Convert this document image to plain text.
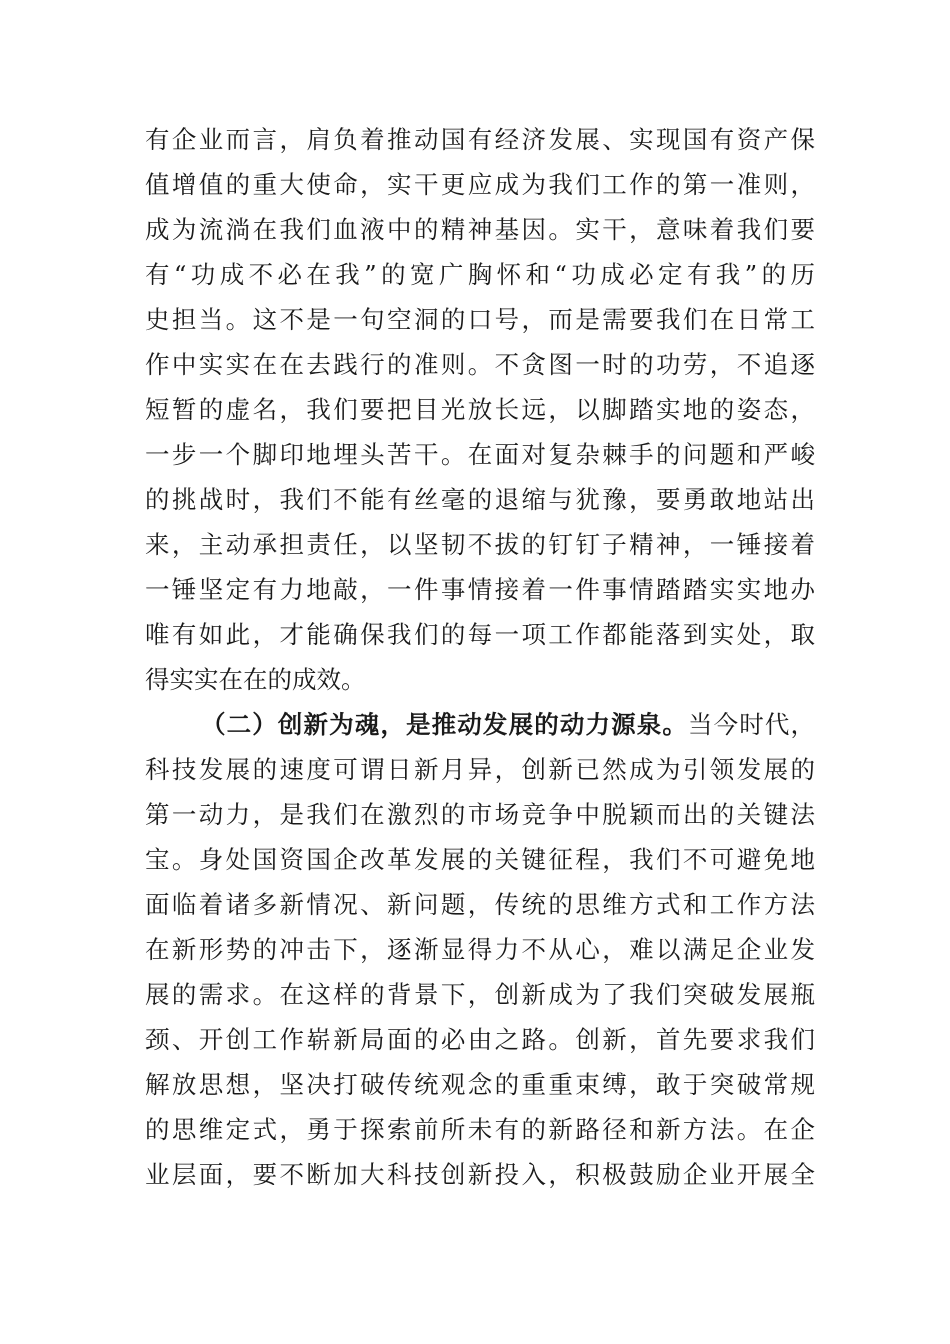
有企业而言，肩负着推动国有经济发展、实现国有资产保
值增值的重大使命，实干更应成为我们工作的第一准则，
成为流淌在我们血液中的精神基因。实干，意味着我们要
有“功成不必在我”的宽广胸怀和“功成必定有我”的历
史担当。这不是一句空洞的口号，而是需要我们在日常工
作中实实在在去践行的准则。不贪图一时的功劳，不追逐
短暂的虚名，我们要把目光放长远，以脚踏实地的姿态，
一步一个脚印地埋头苦干。在面对复杂棘手的问题和严峻
的挑战时，我们不能有丝毫的退缩与犹豫，要勇敢地站出
来，主动承担责任，以坚韧不拔的钉钉子精神，一锤接着
一锤坚定有力地敲，一件事情接着一件事情踏踏实实地办
唯有如此，才能确保我们的每一项工作都能落到实处，取
得实实在在的成效。
（二）创新为魂，是推动发展的动力源泉。当今时代，
科技发展的速度可谓日新月异，创新已然成为引领发展的
第一动力，是我们在激烈的市场竞争中脱颖而出的关键法
宝。身处国资国企改革发展的关键征程，我们不可避免地
面临着诸多新情况、新问题，传统的思维方式和工作方法
在新形势的冲击下，逐渐显得力不从心，难以满足企业发
展的需求。在这样的背景下，创新成为了我们突破发展瓶
颈、开创工作崭新局面的必由之路。创新，首先要求我们
解放思想，坚决打破传统观念的重重束缚，敢于突破常规
的思维定式，勇于探索前所未有的新路径和新方法。在企
业层面，要不断加大科技创新投入，积极鼓励企业开展全
